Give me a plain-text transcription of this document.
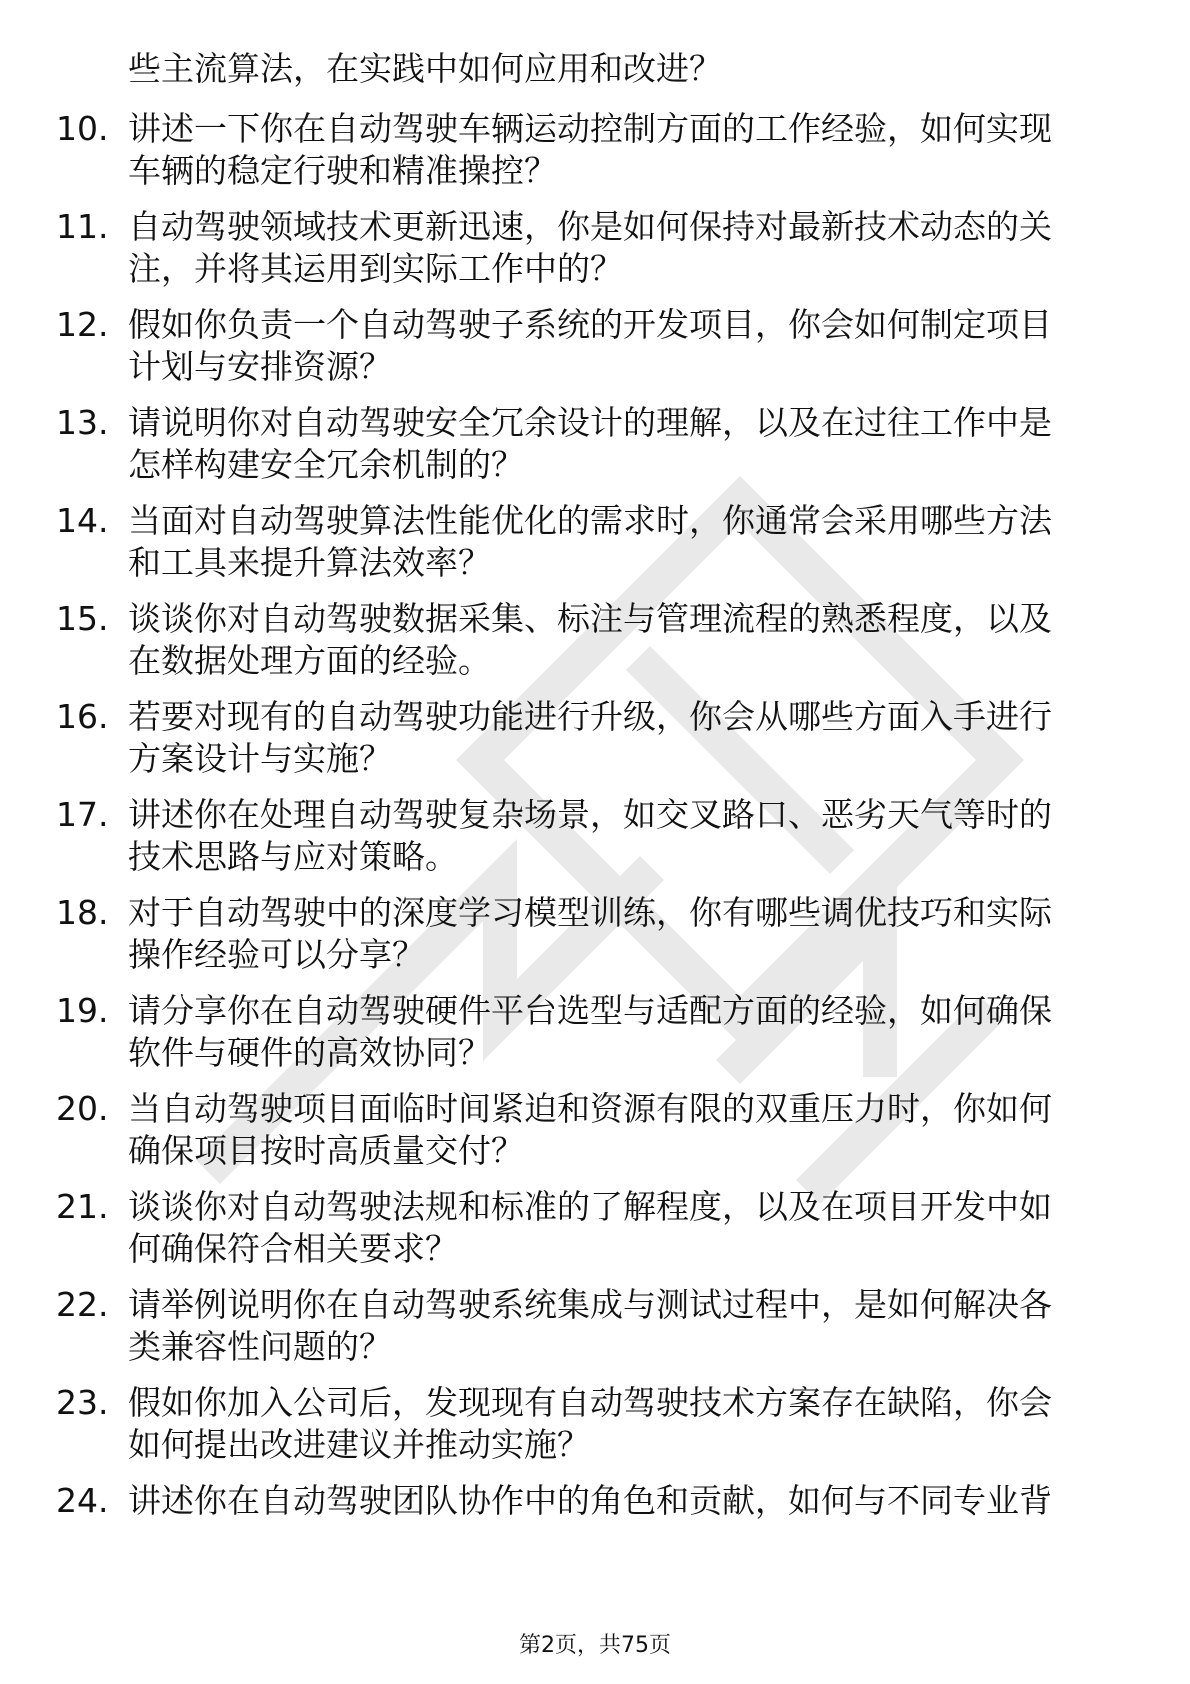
些主流算法，在实践中如何应用和改进？
10. 讲述一下你在自动驾驶车辆运动控制方面的工作经验，如何实现
车辆的稳定行驶和精准操控？
11. 自动驾驶领域技术更新迅速，你是如何保持对最新技术动态的关
注，并将其运用到实际工作中的？
12. 假如你负责一个自动驾驶子系统的开发项目，你会如何制定项目
计划与安排资源？
13. 请说明你对自动驾驶安全冗余设计的理解，以及在过往工作中是
怎样构建安全冗余机制的？
14. 当面对自动驾驶算法性能优化的需求时，你通常会采用哪些方法
和工具来提升算法效率？
15. 谈谈你对自动驾驶数据采集、标注与管理流程的熟悉程度，以及
在数据处理方面的经验。
16. 若要对现有的自动驾驶功能进行升级，你会从哪些方面入手进行
方案设计与实施？
17. 讲述你在处理自动驾驶复杂场景，如交叉路口、恶劣天气等时的
技术思路与应对策略。
18. 对于自动驾驶中的深度学习模型训练，你有哪些调优技巧和实际
操作经验可以分享？
19. 请分享你在自动驾驶硬件平台选型与适配方面的经验，如何确保
软件与硬件的高效协同？
20. 当自动驾驶项目面临时间紧迫和资源有限的双重压力时，你如何
确保项目按时高质量交付？
21. 谈谈你对自动驾驶法规和标准的了解程度，以及在项目开发中如
何确保符合相关要求？
22. 请举例说明你在自动驾驶系统集成与测试过程中，是如何解决各
类兼容性问题的？
23. 假如你加入公司后，发现现有自动驾驶技术方案存在缺陷，你会
如何提出改进建议并推动实施？
24. 讲述你在自动驾驶团队协作中的角色和贡献，如何与不同专业背
第2页，共75页
